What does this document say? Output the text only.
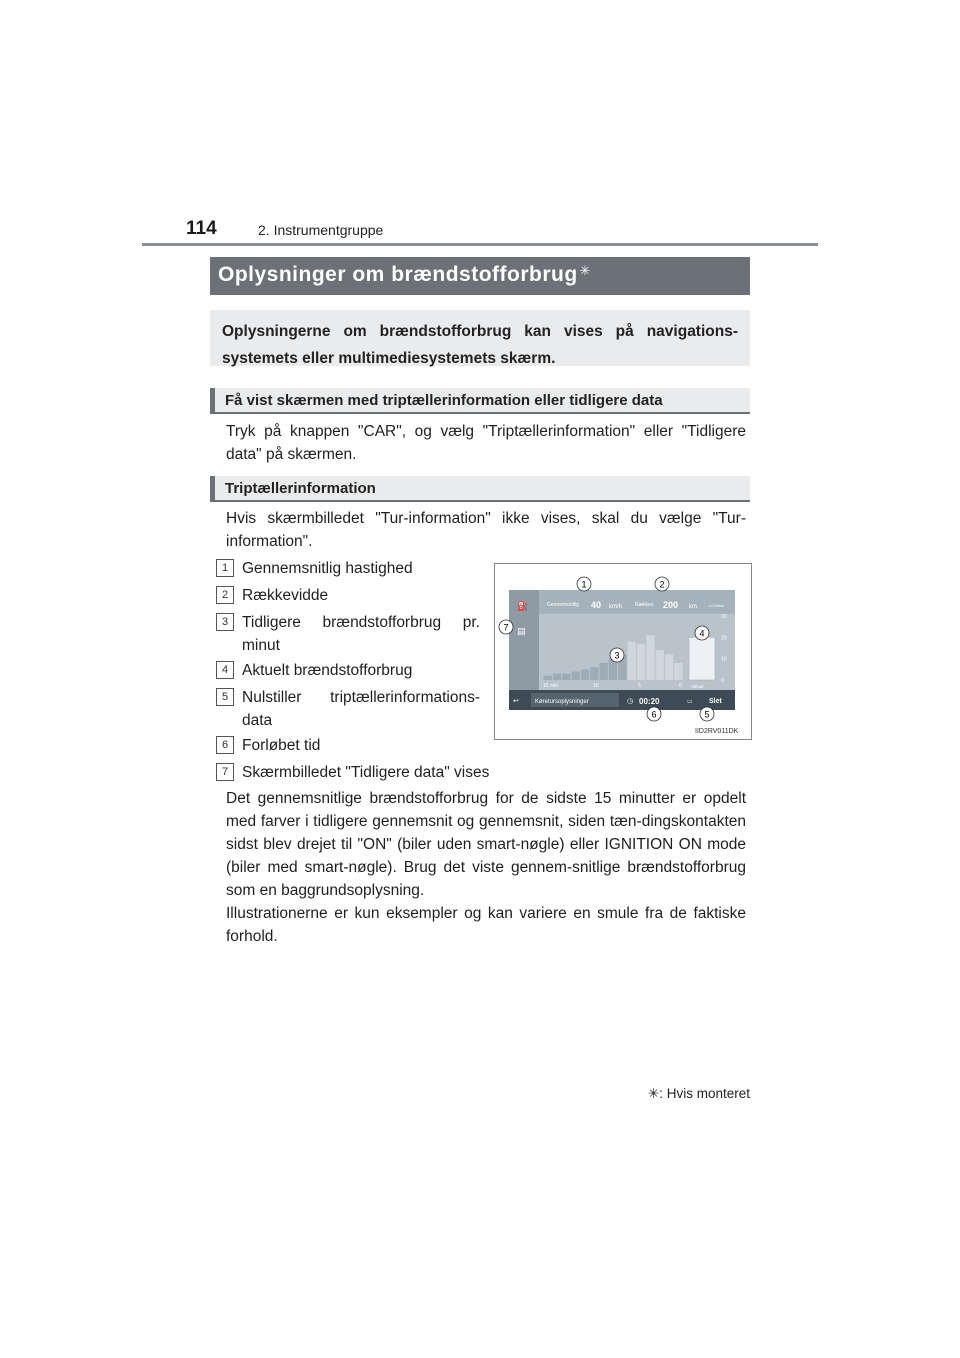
114	2. Instrumentgruppe
Oplysninger om brændstofforbrug ✳

Oplysningerne om brændstofforbrug kan vises på navigations-systemets eller multimediesystemets skærm.

Få vist skærmen med triptællerinformation eller tidligere data
Tryk på knappen "CAR", og vælg "Triptællerinformation" eller "Tidligere data" på skærmen.
Triptællerinformation
Hvis skærmbilledet "Tur-information" ikke vises, skal du vælge "Tur-information".
1 Gennemsnitlig hastighed
2 Rækkevidde
3 Tidligere brændstofforbrug pr. minut
4 Aktuelt brændstofforbrug
5 Nulstiller triptællerinformations-data
6 Forløbet tid
7 Skærmbilledet "Tidligere data" vises
⛽
▤
Gennemsnitlig 40 km/h	Rækkev. 200 km	L/100km
30
20
10
0
15 min	10	5	0 Aktuel
↩	Køretursoplysninger	◷ 00:20	▭ Slet
1	2
3
4
5
6
7
IID2RV011DK
Det gennemsnitlige brændstofforbrug for de sidste 15 minutter er opdelt med farver i tidligere gennemsnit og gennemsnit, siden tæn-dingskontakten sidst blev drejet til "ON" (biler uden smart-nøgle) eller IGNITION ON mode (biler med smart-nøgle). Brug det viste gennem-snitlige brændstofforbrug som en baggrundsoplysning.
Illustrationerne er kun eksempler og kan variere en smule fra de faktiske forhold.
✳: Hvis monteret
